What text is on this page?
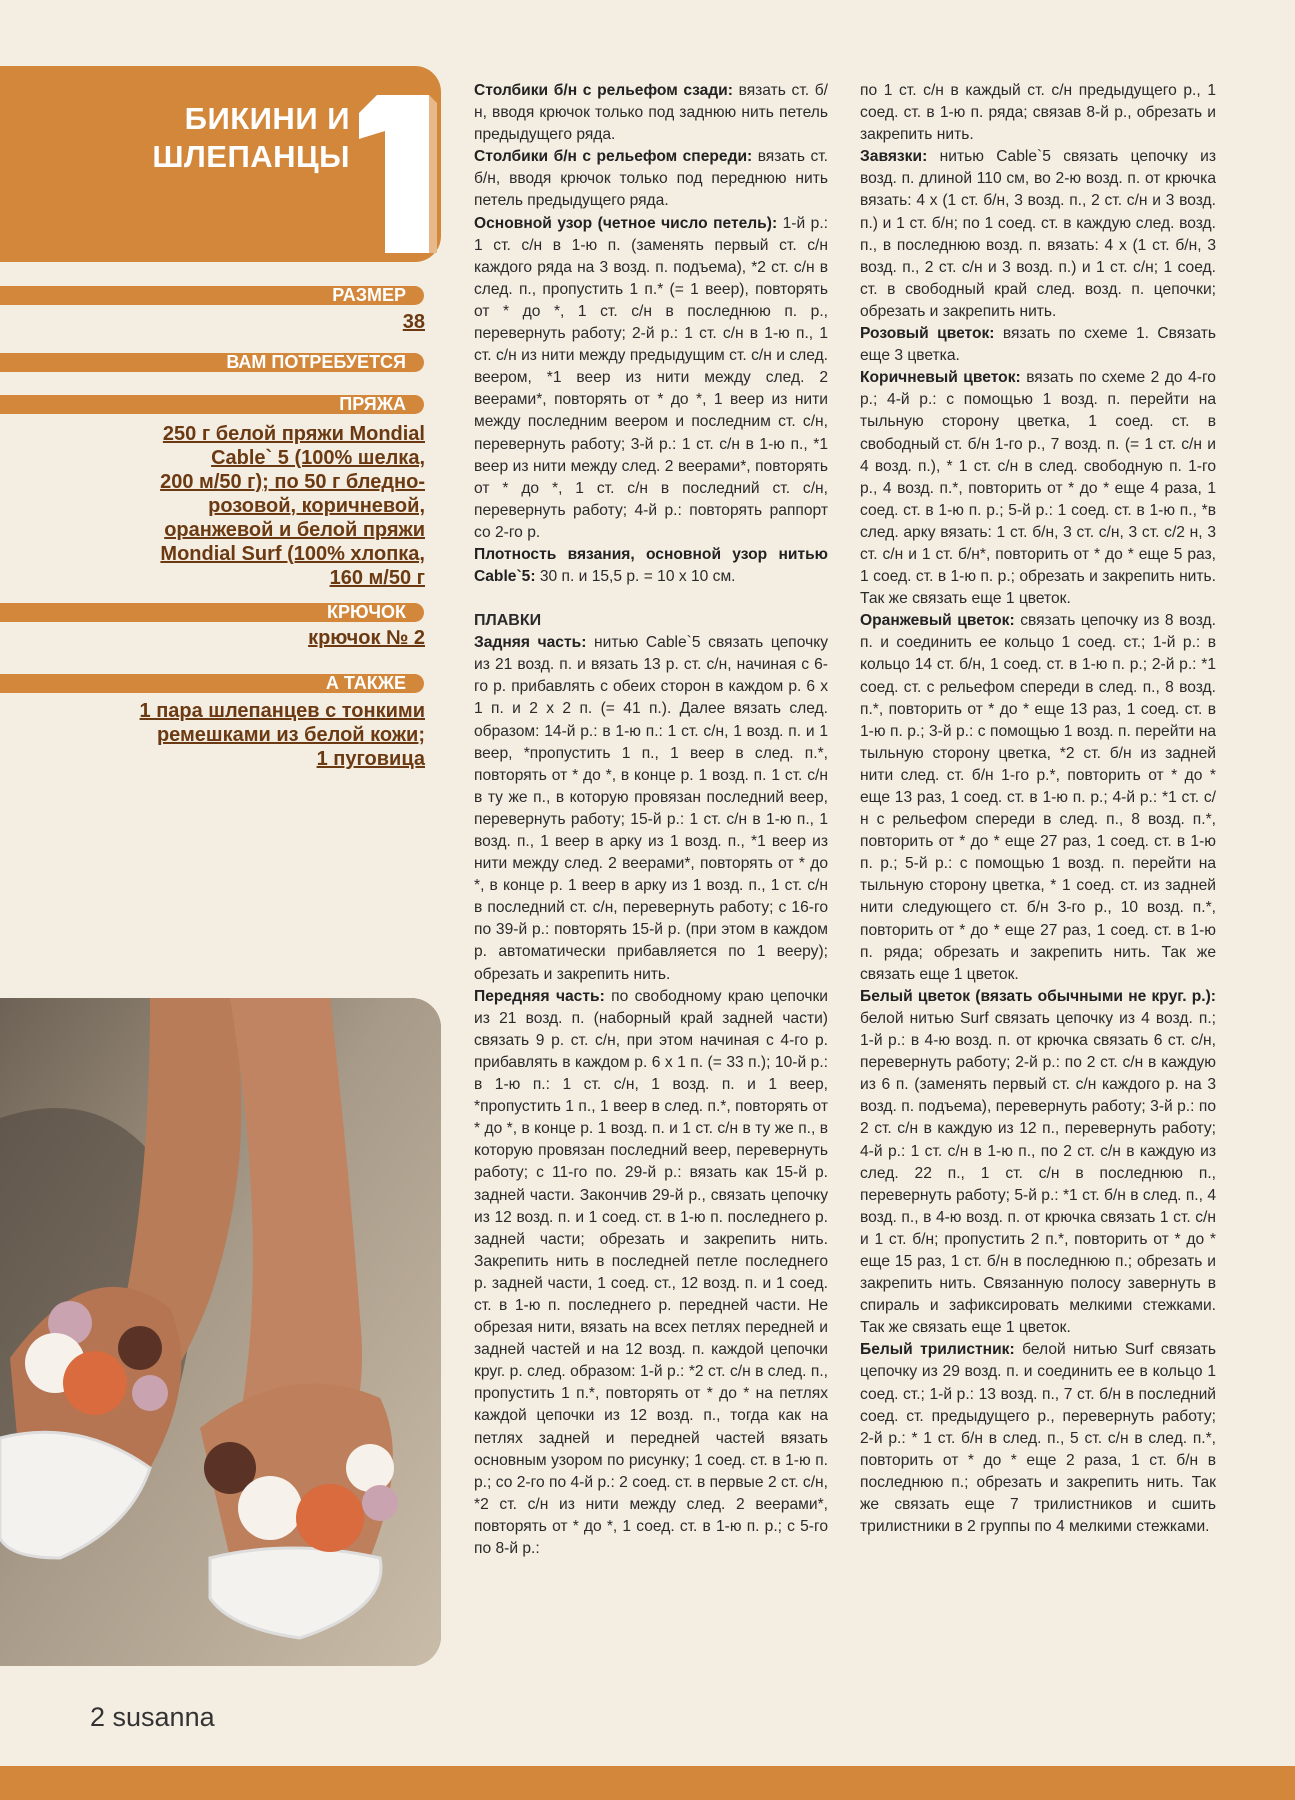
БИКИНИ И
ШЛЕПАНЦЫ
РАЗМЕР
38
ВАМ ПОТРЕБУЕТСЯ
ПРЯЖА
250 г белой пряжи Mondial
Cable` 5 (100% шелка,
200 м/50 г); по 50 г бледно-
розовой, коричневой,
оранжевой и белой пряжи
Mondial Surf (100% хлопка,
160 м/50 г
КРЮЧОК
крючок № 2
А ТАКЖЕ
1 пара шлепанцев с тонкими
ремешками из белой кожи;
1 пуговица

Столбики б/н с рельефом сзади: вязать ст. б/н, вводя крючок только под заднюю нить петель предыдущего ряда.

Столбики б/н с рельефом спереди: вязать ст. б/н, вводя крючок только под переднюю нить петель предыдущего ряда.

Основной узор (четное число петель): 1-й р.: 1 ст. с/н в 1-ю п. (заменять первый ст. с/н каждого ряда на 3 возд. п. подъема), *2 ст. с/н в след. п., пропустить 1 п.* (= 1 веер), повторять от * до *, 1 ст. с/н в последнюю п. р., перевернуть работу; 2-й р.: 1 ст. с/н в 1-ю п., 1 ст. с/н из нити между предыдущим ст. с/н и след. веером, *1 веер из нити между след. 2 веерами*, повторять от * до *, 1 веер из нити между последним веером и последним ст. с/н, перевернуть работу; 3-й р.: 1 ст. с/н в 1-ю п., *1 веер из нити между след. 2 веерами*, повторять от * до *, 1 ст. с/н в последний ст. с/н, перевернуть работу; 4-й р.: повторять раппорт со 2-го р.

Плотность вязания, основной узор нитью Cable`5: 30 п. и 15,5 р. = 10 x 10 см.

ПЛАВКИ

Задняя часть: нитью Cable`5 связать цепочку из 21 возд. п. и вязать 13 р. ст. с/н, начиная с 6-го р. прибавлять с обеих сторон в каждом р. 6 x 1 п. и 2 x 2 п. (= 41 п.). Далее вязать след. образом: 14-й р.: в 1-ю п.: 1 ст. с/н, 1 возд. п. и 1 веер, *пропустить 1 п., 1 веер в след. п.*, повторять от * до *, в конце р. 1 возд. п. 1 ст. с/н в ту же п., в которую провязан последний веер, перевернуть работу; 15-й р.: 1 ст. с/н в 1-ю п., 1 возд. п., 1 веер в арку из 1 возд. п., *1 веер из нити между след. 2 веерами*, повторять от * до *, в конце р. 1 веер в арку из 1 возд. п., 1 ст. с/н в последний ст. с/н, перевернуть работу; с 16-го по 39-й р.: повторять 15-й р. (при этом в каждом р. автоматически прибавляется по 1 вееру); обрезать и закрепить нить.

Передняя часть: по свободному краю цепочки из 21 возд. п. (наборный край задней части) связать 9 р. ст. с/н, при этом начиная с 4-го р. прибавлять в каждом р. 6 x 1 п. (= 33 п.); 10-й р.: в 1-ю п.: 1 ст. с/н, 1 возд. п. и 1 веер, *пропустить 1 п., 1 веер в след. п.*, повторять от * до *, в конце р. 1 возд. п. и 1 ст. с/н в ту же п., в которую провязан последний веер, перевернуть работу; с 11-го по. 29-й р.: вязать как 15-й р. задней части. Закончив 29-й р., связать цепочку из 12 возд. п. и 1 соед. ст. в 1-ю п. последнего р. задней части; обрезать и закрепить нить. Закрепить нить в последней петле последнего р. задней части, 1 соед. ст., 12 возд. п. и 1 соед. ст. в 1-ю п. последнего р. передней части. Не обрезая нити, вязать на всех петлях передней и задней частей и на 12 возд. п. каждой цепочки круг. р. след. образом: 1-й р.: *2 ст. с/н в след. п., пропустить 1 п.*, повторять от * до * на петлях каждой цепочки из 12 возд. п., тогда как на петлях задней и передней частей вязать основным узором по рисунку; 1 соед. ст. в 1-ю п. р.; со 2-го по 4-й р.: 2 соед. ст. в первые 2 ст. с/н, *2 ст. с/н из нити между след. 2 веерами*, повторять от * до *, 1 соед. ст. в 1-ю п. р.; с 5-го по 8-й р.:

по 1 ст. с/н в каждый ст. с/н предыдущего р., 1 соед. ст. в 1-ю п. ряда; связав 8-й р., обрезать и закрепить нить.

Завязки: нитью Cable`5 связать цепочку из возд. п. длиной 110 см, во 2-ю возд. п. от крючка вязать: 4 x (1 ст. б/н, 3 возд. п., 2 ст. с/н и 3 возд. п.) и 1 ст. б/н; по 1 соед. ст. в каждую след. возд. п., в последнюю возд. п. вязать: 4 x (1 ст. б/н, 3 возд. п., 2 ст. с/н и 3 возд. п.) и 1 ст. с/н; 1 соед. ст. в свободный край след. возд. п. цепочки; обрезать и закрепить нить.

Розовый цветок: вязать по схеме 1. Связать еще 3 цветка.

Коричневый цветок: вязать по схеме 2 до 4-го р.; 4-й р.: с помощью 1 возд. п. перейти на тыльную сторону цветка, 1 соед. ст. в свободный ст. б/н 1-го р., 7 возд. п. (= 1 ст. с/н и 4 возд. п.), * 1 ст. с/н в след. свободную п. 1-го р., 4 возд. п.*, повторить от * до * еще 4 раза, 1 соед. ст. в 1-ю п. р.; 5-й р.: 1 соед. ст. в 1-ю п., *в след. арку вязать: 1 ст. б/н, 3 ст. с/н, 3 ст. с/2 н, 3 ст. с/н и 1 ст. б/н*, повторить от * до * еще 5 раз, 1 соед. ст. в 1-ю п. р.; обрезать и закрепить нить. Так же связать еще 1 цветок.

Оранжевый цветок: связать цепочку из 8 возд. п. и соединить ее кольцо 1 соед. ст.; 1-й р.: в кольцо 14 ст. б/н, 1 соед. ст. в 1-ю п. р.; 2-й р.: *1 соед. ст. с рельефом спереди в след. п., 8 возд. п.*, повторить от * до * еще 13 раз, 1 соед. ст. в 1-ю п. р.; 3-й р.: с помощью 1 возд. п. перейти на тыльную сторону цветка, *2 ст. б/н из задней нити след. ст. б/н 1-го р.*, повторить от * до * еще 13 раз, 1 соед. ст. в 1-ю п. р.; 4-й р.: *1 ст. с/н с рельефом спереди в след. п., 8 возд. п.*, повторить от * до * еще 27 раз, 1 соед. ст. в 1-ю п. р.; 5-й р.: с помощью 1 возд. п. перейти на тыльную сторону цветка, * 1 соед. ст. из задней нити следующего ст. б/н 3-го р., 10 возд. п.*, повторить от * до * еще 27 раз, 1 соед. ст. в 1-ю п. ряда; обрезать и закрепить нить. Так же связать еще 1 цветок.

Белый цветок (вязать обычными не круг. р.): белой нитью Surf связать цепочку из 4 возд. п.; 1-й р.: в 4-ю возд. п. от крючка связать 6 ст. с/н, перевернуть работу; 2-й р.: по 2 ст. с/н в каждую из 6 п. (заменять первый ст. с/н каждого р. на 3 возд. п. подъема), перевернуть работу; 3-й р.: по 2 ст. с/н в каждую из 12 п., перевернуть работу; 4-й р.: 1 ст. с/н в 1-ю п., по 2 ст. с/н в каждую из след. 22 п., 1 ст. с/н в последнюю п., перевернуть работу; 5-й р.: *1 ст. б/н в след. п., 4 возд. п., в 4-ю возд. п. от крючка связать 1 ст. с/н и 1 ст. б/н; пропустить 2 п.*, повторить от * до * еще 15 раз, 1 ст. б/н в последнюю п.; обрезать и закрепить нить. Связанную полосу завернуть в спираль и зафиксировать мелкими стежками. Так же связать еще 1 цветок.

Белый трилистник: белой нитью Surf связать цепочку из 29 возд. п. и соединить ее в кольцо 1 соед. ст.; 1-й р.: 13 возд. п., 7 ст. б/н в последний соед. ст. предыдущего р., перевернуть работу; 2-й р.: * 1 ст. б/н в след. п., 5 ст. с/н в след. п.*, повторить от * до * еще 2 раза, 1 ст. б/н в последнюю п.; обрезать и закрепить нить. Так же связать еще 7 трилистников и сшить трилистники в 2 группы по 4 мелкими стежками.

2 susanna
